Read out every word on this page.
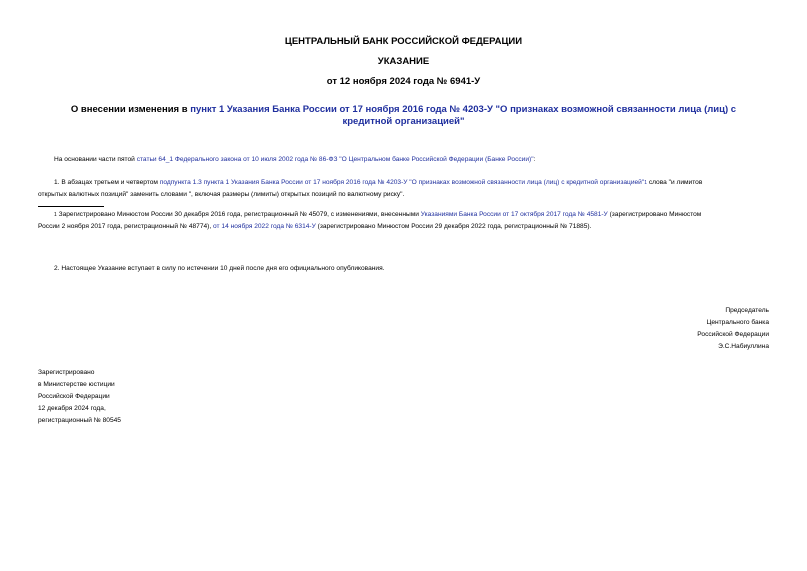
ЦЕНТРАЛЬНЫЙ БАНК РОССИЙСКОЙ ФЕДЕРАЦИИ
УКАЗАНИЕ
от 12 ноября 2024 года № 6941-У
О внесении изменения в пункт 1 Указания Банка России от 17 ноября 2016 года № 4203-У "О признаках возможной связанности лица (лиц) с кредитной организацией"
На основании части пятой статьи 64_1 Федерального закона от 10 июля 2002 года № 86-ФЗ "О Центральном банке Российской Федерации (Банке России)":
1. В абзацах третьем и четвертом подпункта 1.3 пункта 1 Указания Банка России от 17 ноября 2016 года № 4203-У "О признаках возможной связанности лица (лиц) с кредитной организацией"$^1$ слова "и лимитов
открытых валютных позиций" заменить словами ", включая размеры (лимиты) открытых позиций по валютному риску".
$^1$ Зарегистрировано Минюстом России 30 декабря 2016 года, регистрационный № 45079, с изменениями, внесенными Указаниями Банка России от 17 октября 2017 года № 4581-У (зарегистрировано Минюстом
России 2 ноября 2017 года, регистрационный № 48774), от 14 ноября 2022 года № 6314-У (зарегистрировано Минюстом России 29 декабря 2022 года, регистрационный № 71885).
2. Настоящее Указание вступает в силу по истечении 10 дней после дня его официального опубликования.
Председатель
Центрального банка
Российской Федерации
Э.С.Набиуллина
Зарегистрировано
в Министерстве юстиции
Российской Федерации
12 декабря 2024 года,
регистрационный № 80545
